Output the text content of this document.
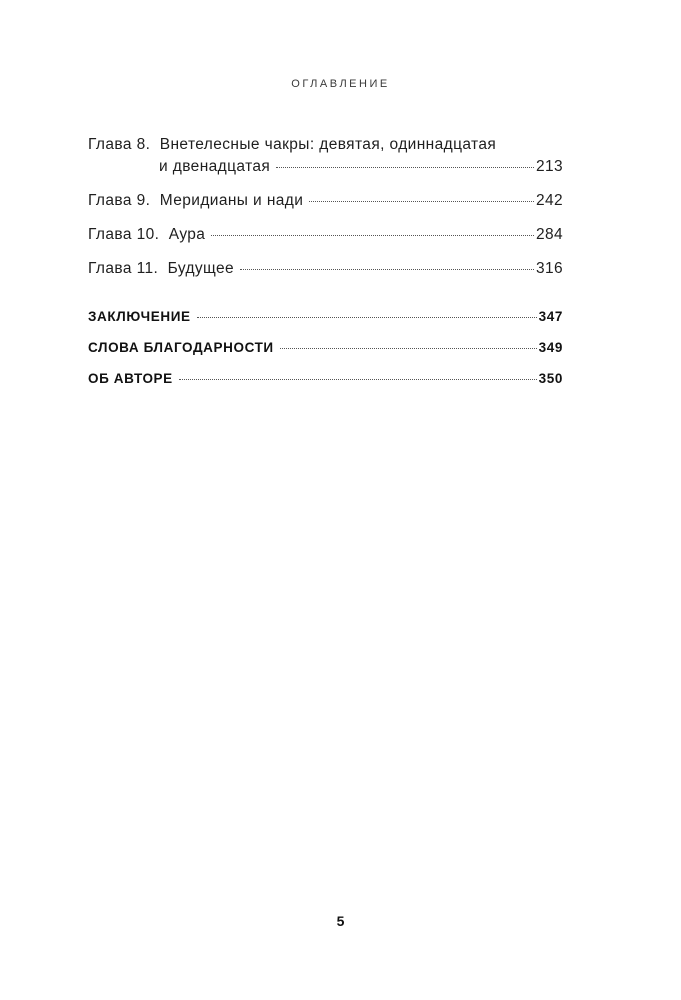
ОГЛАВЛЕНИЕ
Глава 8. Внетелесные чакры: девятая, одиннадцатая
и двенадцатая	213
Глава 9. Меридианы и нади	242
Глава 10. Аура	284
Глава 11. Будущее	316
ЗАКЛЮЧЕНИЕ	347
СЛОВА БЛАГОДАРНОСТИ	349
ОБ АВТОРЕ	350
5
